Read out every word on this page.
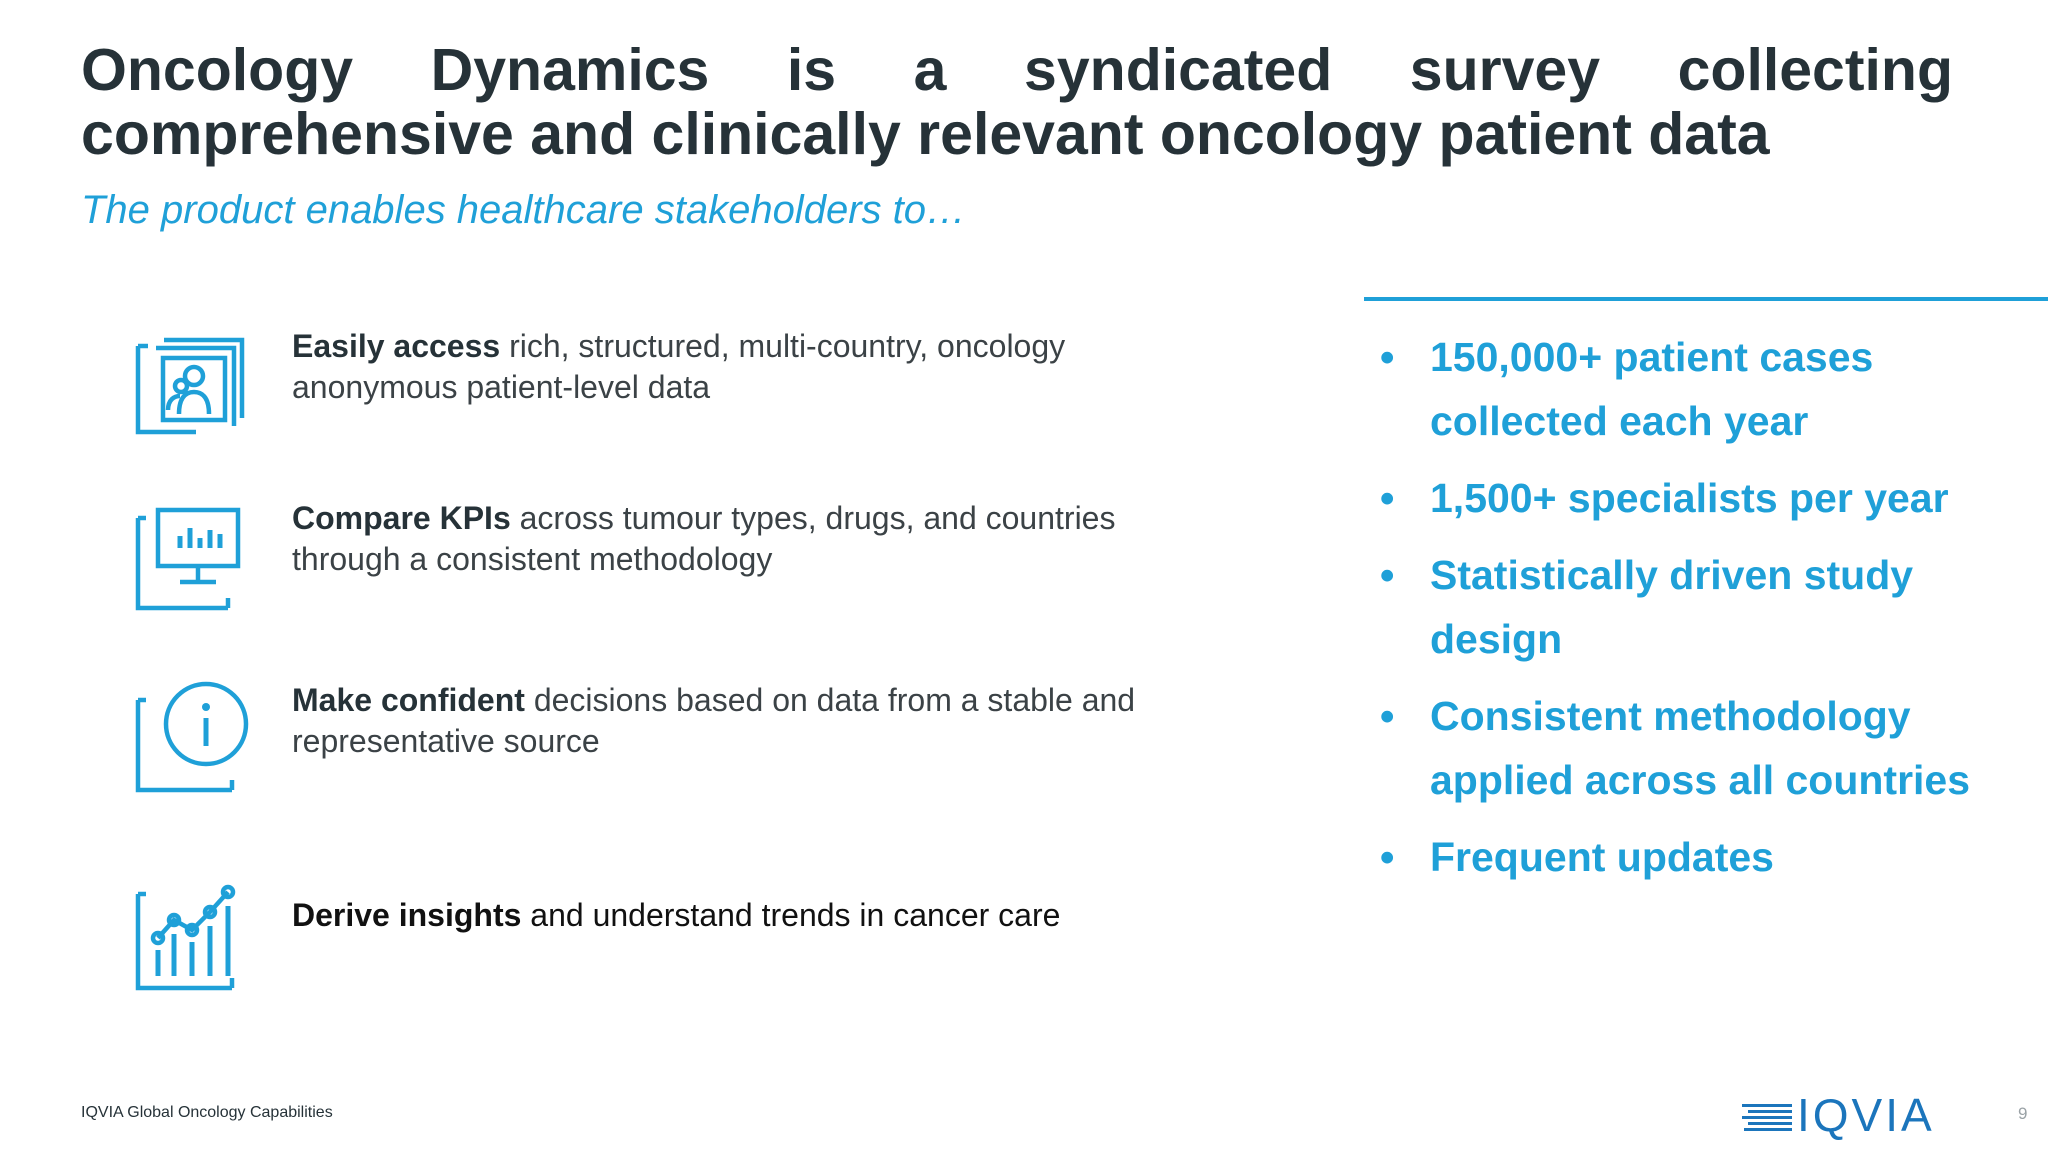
Oncology Dynamics is a syndicated survey collecting
comprehensive and clinically relevant oncology patient data

The product enables healthcare stakeholders to…

Easily access rich, structured, multi-country, oncology anonymous patient-level data
Compare KPIs across tumour types, drugs, and countries through a consistent methodology
Make confident decisions based on data from a stable and representative source
Derive insights and understand trends in cancer care
• 150,000+ patient cases collected each year
• 1,500+ specialists per year
• Statistically driven study design
• Consistent methodology applied across all countries
• Frequent updates
IQVIA Global Oncology Capabilities	IQVIA	9
